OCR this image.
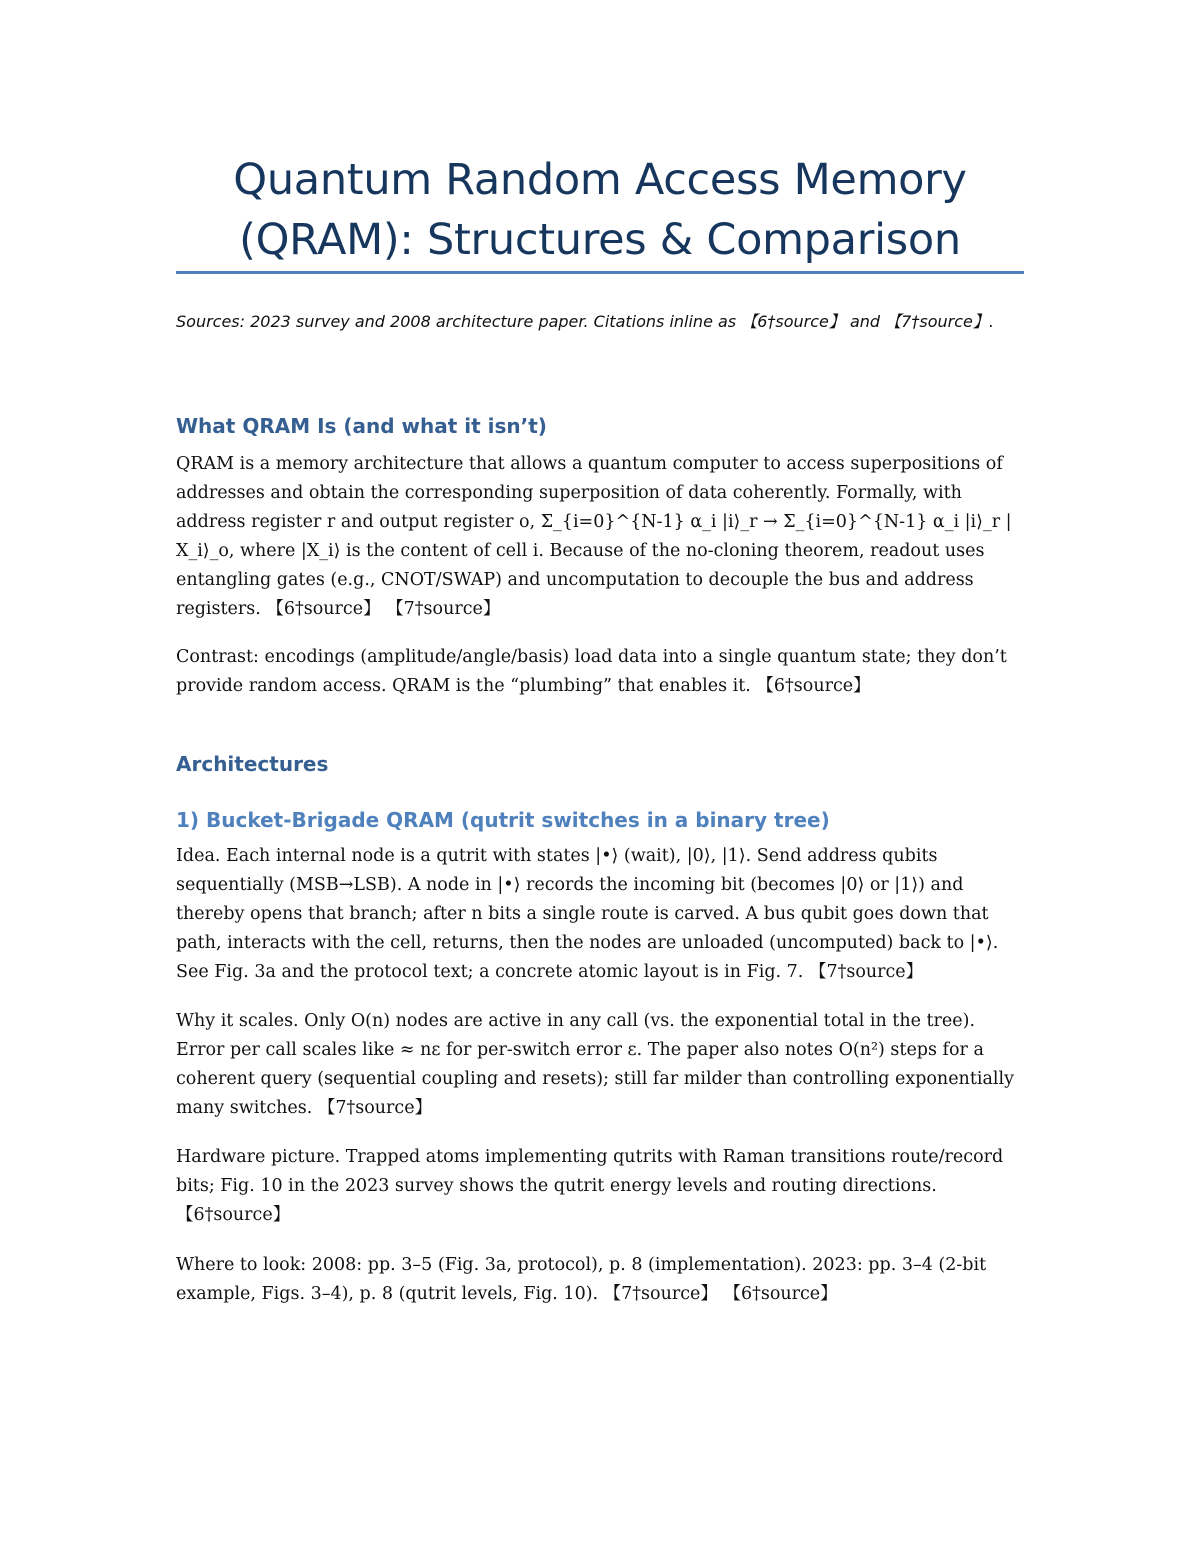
Quantum Random Access Memory (QRAM): Structures & Comparison

Sources: 2023 survey and 2008 architecture paper. Citations inline as 【6†source】 and 【7†source】.

What QRAM Is (and what it isn’t)

QRAM is a memory architecture that allows a quantum computer to access superpositions of addresses and obtain the corresponding superposition of data coherently. Formally, with address register r and output register o, Σ_{i=0}^{N-1} α_i |i⟩_r → Σ_{i=0}^{N-1} α_i |i⟩_r | X_i⟩_o, where |X_i⟩ is the content of cell i. Because of the no-cloning theorem, readout uses entangling gates (e.g., CNOT/SWAP) and uncomputation to decouple the bus and address registers. 【6†source】 【7†source】

Contrast: encodings (amplitude/angle/basis) load data into a single quantum state; they don’t provide random access. QRAM is the “plumbing” that enables it. 【6†source】

Architectures
1) Bucket-Brigade QRAM (qutrit switches in a binary tree)

Idea. Each internal node is a qutrit with states |•⟩ (wait), |0⟩, |1⟩. Send address qubits sequentially (MSB→LSB). A node in |•⟩ records the incoming bit (becomes |0⟩ or |1⟩) and thereby opens that branch; after n bits a single route is carved. A bus qubit goes down that path, interacts with the cell, returns, then the nodes are unloaded (uncomputed) back to |•⟩. See Fig. 3a and the protocol text; a concrete atomic layout is in Fig. 7. 【7†source】

Why it scales. Only O(n) nodes are active in any call (vs. the exponential total in the tree). Error per call scales like ≈ nε for per-switch error ε. The paper also notes O(n²) steps for a coherent query (sequential coupling and resets); still far milder than controlling exponentially many switches. 【7†source】

Hardware picture. Trapped atoms implementing qutrits with Raman transitions route/record bits; Fig. 10 in the 2023 survey shows the qutrit energy levels and routing directions. 【6†source】

Where to look: 2008: pp. 3–5 (Fig. 3a, protocol), p. 8 (implementation). 2023: pp. 3–4 (2-bit example, Figs. 3–4), p. 8 (qutrit levels, Fig. 10). 【7†source】 【6†source】
